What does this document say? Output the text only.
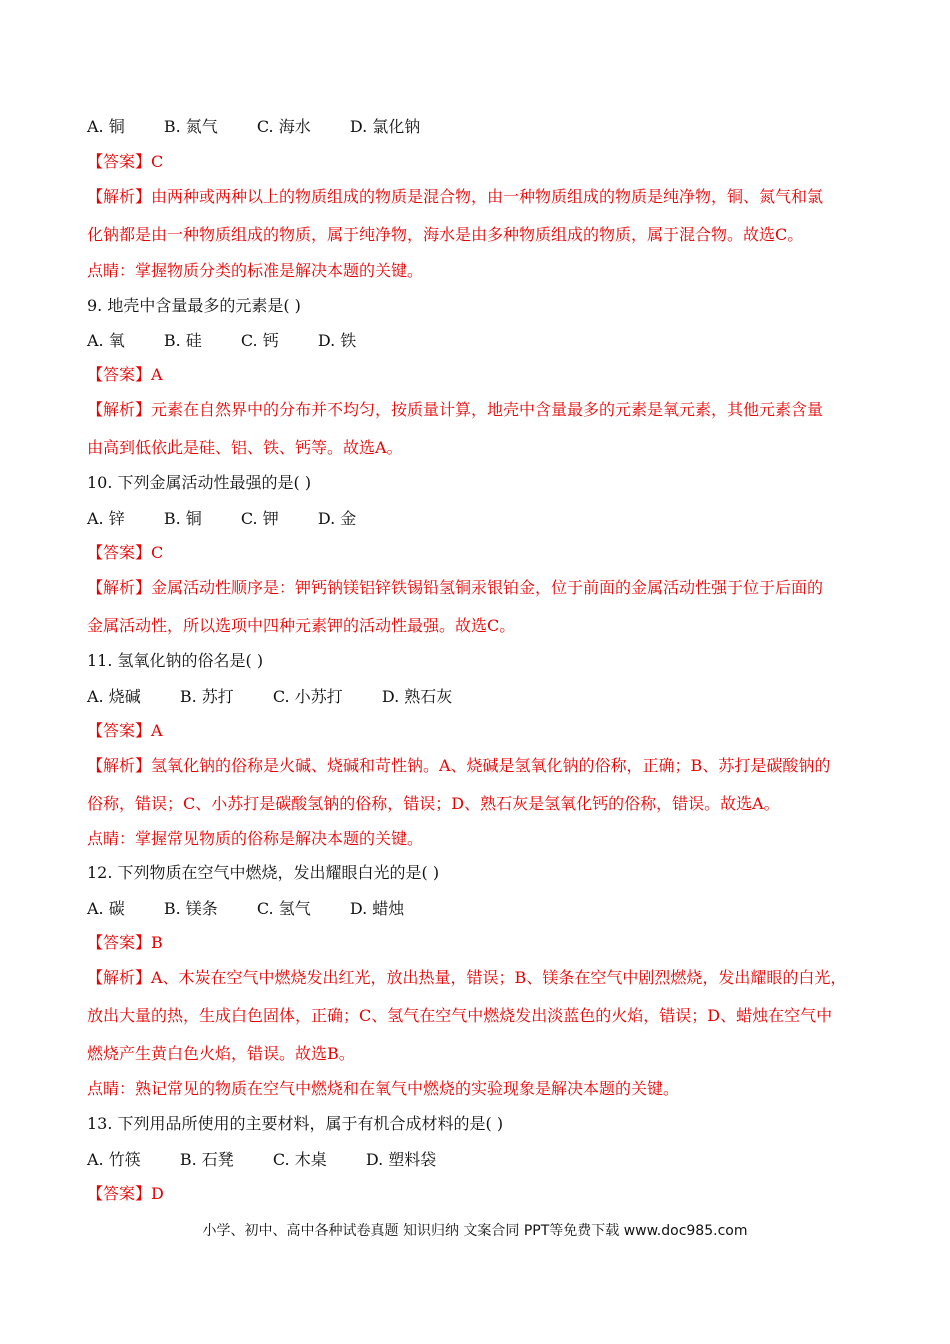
A. 铜 B. 氮气 C. 海水 D. 氯化钠
【答案】C
【解析】由两种或两种以上的物质组成的物质是混合物，由一种物质组成的物质是纯净物，铜、氮气和氯
化钠都是由一种物质组成的物质，属于纯净物，海水是由多种物质组成的物质，属于混合物。故选C。
点睛：掌握物质分类的标准是解决本题的关键。
9. 地壳中含量最多的元素是( )
A. 氧 B. 硅 C. 钙 D. 铁
【答案】A
【解析】元素在自然界中的分布并不均匀，按质量计算，地壳中含量最多的元素是氧元素，其他元素含量
由高到低依此是硅、铝、铁、钙等。故选A。
10. 下列金属活动性最强的是( )
A. 锌 B. 铜 C. 钾 D. 金
【答案】C
【解析】金属活动性顺序是：钾钙钠镁铝锌铁锡铅氢铜汞银铂金，位于前面的金属活动性强于位于后面的
金属活动性，所以选项中四种元素钾的活动性最强。故选C。
11. 氢氧化钠的俗名是( )
A. 烧碱 B. 苏打 C. 小苏打 D. 熟石灰
【答案】A
【解析】氢氧化钠的俗称是火碱、烧碱和苛性钠。A、烧碱是氢氧化钠的俗称，正确；B、苏打是碳酸钠的
俗称，错误；C、小苏打是碳酸氢钠的俗称，错误；D、熟石灰是氢氧化钙的俗称，错误。故选A。
点睛：掌握常见物质的俗称是解决本题的关键。
12. 下列物质在空气中燃烧，发出耀眼白光的是( )
A. 碳 B. 镁条 C. 氢气 D. 蜡烛
【答案】B
【解析】A、木炭在空气中燃烧发出红光，放出热量，错误；B、镁条在空气中剧烈燃烧，发出耀眼的白光，
放出大量的热，生成白色固体，正确；C、氢气在空气中燃烧发出淡蓝色的火焰，错误；D、蜡烛在空气中
燃烧产生黄白色火焰，错误。故选B。
点睛：熟记常见的物质在空气中燃烧和在氧气中燃烧的实验现象是解决本题的关键。
13. 下列用品所使用的主要材料，属于有机合成材料的是( )
A. 竹筷 B. 石凳 C. 木桌 D. 塑料袋
【答案】D
小学、初中、高中各种试卷真题 知识归纳 文案合同 PPT等免费下载 www.doc985.com
